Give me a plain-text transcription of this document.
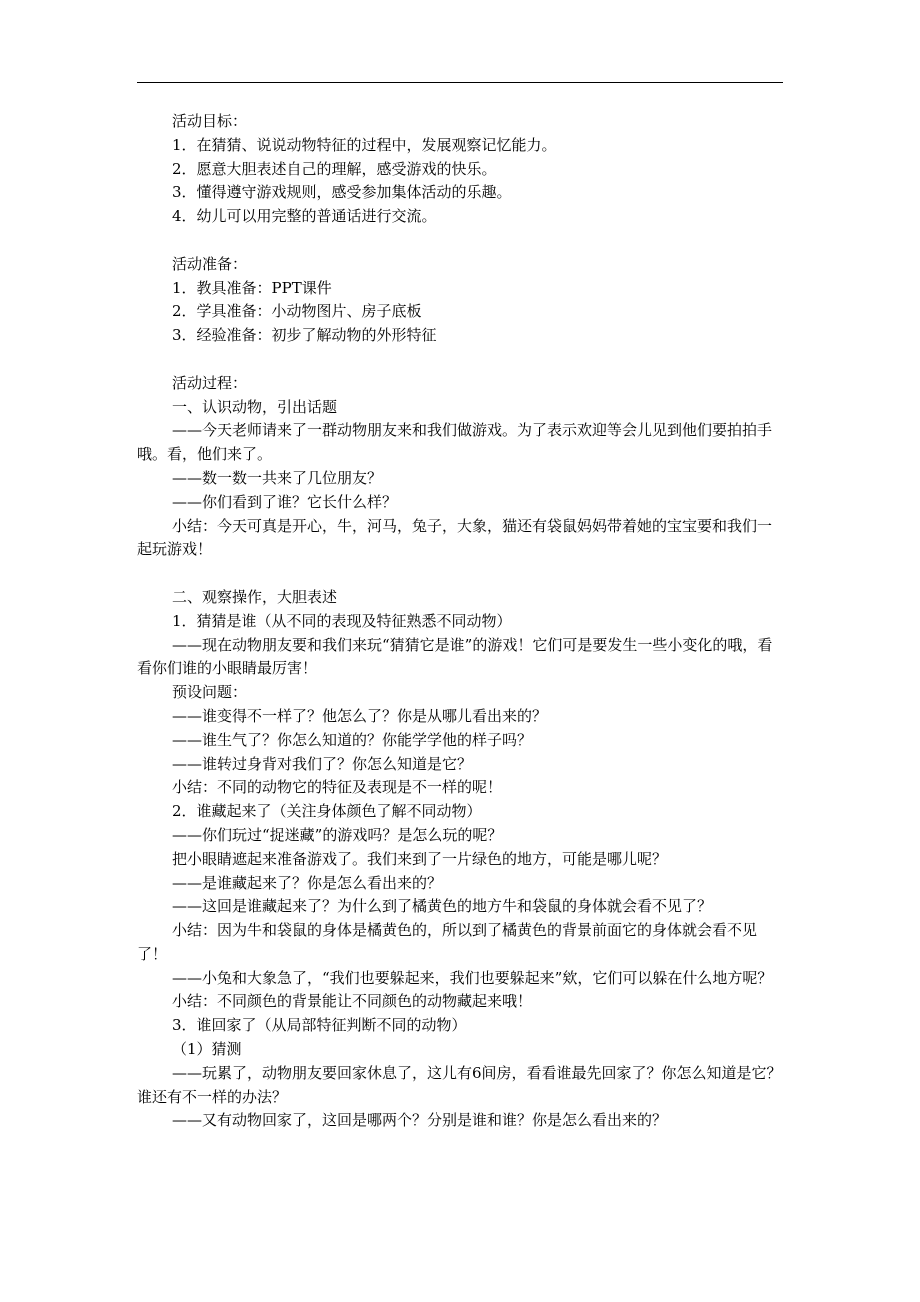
活动目标：

1．在猜猜、说说动物特征的过程中，发展观察记忆能力。

2．愿意大胆表述自己的理解，感受游戏的快乐。

3．懂得遵守游戏规则，感受参加集体活动的乐趣。

4．幼儿可以用完整的普通话进行交流。

活动准备：

1．教具准备：PPT课件

2．学具准备：小动物图片、房子底板

3．经验准备：初步了解动物的外形特征

活动过程：

一、认识动物，引出话题

——今天老师请来了一群动物朋友来和我们做游戏。为了表示欢迎等会儿见到他们要拍拍手哦。看，他们来了。

——数一数一共来了几位朋友？

——你们看到了谁？它长什么样？

小结：今天可真是开心，牛，河马，兔子，大象，猫还有袋鼠妈妈带着她的宝宝要和我们一起玩游戏！

二、观察操作，大胆表述

1．猜猜是谁（从不同的表现及特征熟悉不同动物）

——现在动物朋友要和我们来玩“猜猜它是谁”的游戏！它们可是要发生一些小变化的哦，看看你们谁的小眼睛最厉害！

预设问题：

——谁变得不一样了？他怎么了？你是从哪儿看出来的？

——谁生气了？你怎么知道的？你能学学他的样子吗？

——谁转过身背对我们了？你怎么知道是它？

小结：不同的动物它的特征及表现是不一样的呢！

2．谁藏起来了（关注身体颜色了解不同动物）

——你们玩过“捉迷藏”的游戏吗？是怎么玩的呢？

把小眼睛遮起来准备游戏了。我们来到了一片绿色的地方，可能是哪儿呢？

——是谁藏起来了？你是怎么看出来的？

——这回是谁藏起来了？为什么到了橘黄色的地方牛和袋鼠的身体就会看不见了？

小结：因为牛和袋鼠的身体是橘黄色的，所以到了橘黄色的背景前面它的身体就会看不见了！

——小兔和大象急了，“我们也要躲起来，我们也要躲起来”欸，它们可以躲在什么地方呢？

小结：不同颜色的背景能让不同颜色的动物藏起来哦！

3．谁回家了（从局部特征判断不同的动物）

（1）猜测

——玩累了，动物朋友要回家休息了，这儿有6间房，看看谁最先回家了？你怎么知道是它？谁还有不一样的办法？

——又有动物回家了，这回是哪两个？分别是谁和谁？你是怎么看出来的？
